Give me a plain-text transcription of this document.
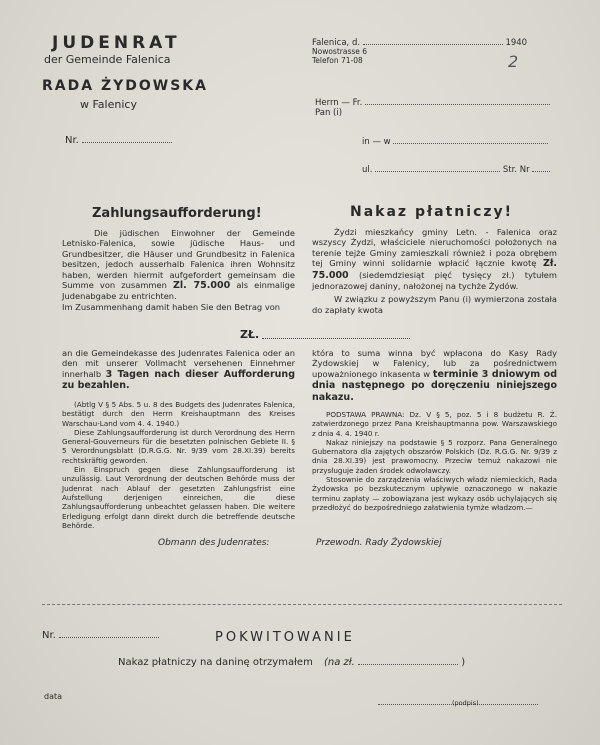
JUDENRAT
der Gemeinde Falenica
RADA ŻYDOWSKA
w Falenicy
Nr.
Falenica, d.	1940
Nowostrasse 6
Telefon 71-08	2
Herrn — Fr.
Pan (i)
in — w
ul.	Str. Nr
Zahlungsaufforderung!
Die jüdischen Einwohner der Gemeinde Letnisko-Falenica, sowie jüdische Haus- und Grundbesitzer, die Häuser und Grundbesitz in Falenica besitzen, jedoch ausserhalb Falenica ihren Wohnsitz haben, werden hiermit aufgefordert gemeinsam die Summe von zusammen Zl. 75.000 als einmalige Judenabgabe zu entrichten.
Im Zusammenhang damit haben Sie den Betrag von
Nakaz płatniczy!
Żydzi mieszkańcy gminy Letn. - Falenica oraz wszyscy Żydzi, właściciele nieruchomości położonych na terenie tejże Gminy zamieszkali również i poza obrębem tej Gminy winni solidarnie wpłacić łącznie kwotę Zł. 75.000 (siedemdziesiąt pięć tysięcy zł.) tytułem jednorazowej daniny, nałożonej na tychże Żydów.
W związku z powyższym Panu (i) wymierzona została do zapłaty kwota
ZŁ.
an die Gemeindekasse des Judenrates Falenica oder an den mit unserer Vollmacht versehenen Einnehmer innerhalb 3 Tagen nach dieser Aufforderung zu bezahlen.
(Abtlg V § 5 Abs. 5 u. 8 des Budgets des Judenrates Falenica, bestätigt durch den Herrn Kreishauptmann des Kreises Warschau-Land vom 4. 4. 1940.)
Diese Zahlungsaufforderung ist durch Verordnung des Herrn General-Gouverneurs für die besetzten polnischen Gebiete II. § 5 Verordnungsblatt (D.R.G.G. Nr. 9/39 vom 28.XI.39) bereits rechtskräftig geworden.
Ein Einspruch gegen diese Zahlungsaufforderung ist unzulässig. Laut Verordnung der deutschen Behörde muss der Judenrat nach Ablauf der gesetzten Zahlungsfrist eine Aufstellung derjenigen einreichen, die diese Zahlungsaufforderung unbeachtet gelassen haben. Die weitere Erledigung erfolgt dann direkt durch die betreffende deutsche Behörde.
Obmann des Judenrates:
która to suma winna być wpłacona do Kasy Rady Żydowskiej w Falenicy, lub za pośrednictwem upoważnionego inkasenta w terminie 3 dniowym od dnia następnego po doręczeniu niniejszego nakazu.
PODSTAWA PRAWNA: Dz. V § 5, poz. 5 i 8 budżetu R. Ż. zatwierdzonego przez Pana Kreishauptmanna pow. Warszawskiego z dnia 4. 4. 1940 r.
Nakaz niniejszy na podstawie § 5 rozporz. Pana Generalnego Gubernatora dla zajętych obszarów Polskich (Dz. R.G.G. Nr. 9/39 z dnia 28.XI.39) jest prawomocny. Przeciw temuż nakazowi nie przysługuje żaden środek odwoławczy.
Stosownie do zarządzenia właściwych władz niemieckich, Rada Żydowska po bezskutecznym upływie oznaczonego w nakazie terminu zapłaty — zobowiązana jest wykazy osób uchylających się przedłożyć do bezpośredniego załatwienia tymże władzom.—
Przewodn. Rady Żydowskiej
Nr.	POKWITOWANIE
Nakaz płatniczy na daninę otrzymałem (na zł.	)
data
(podpis)
